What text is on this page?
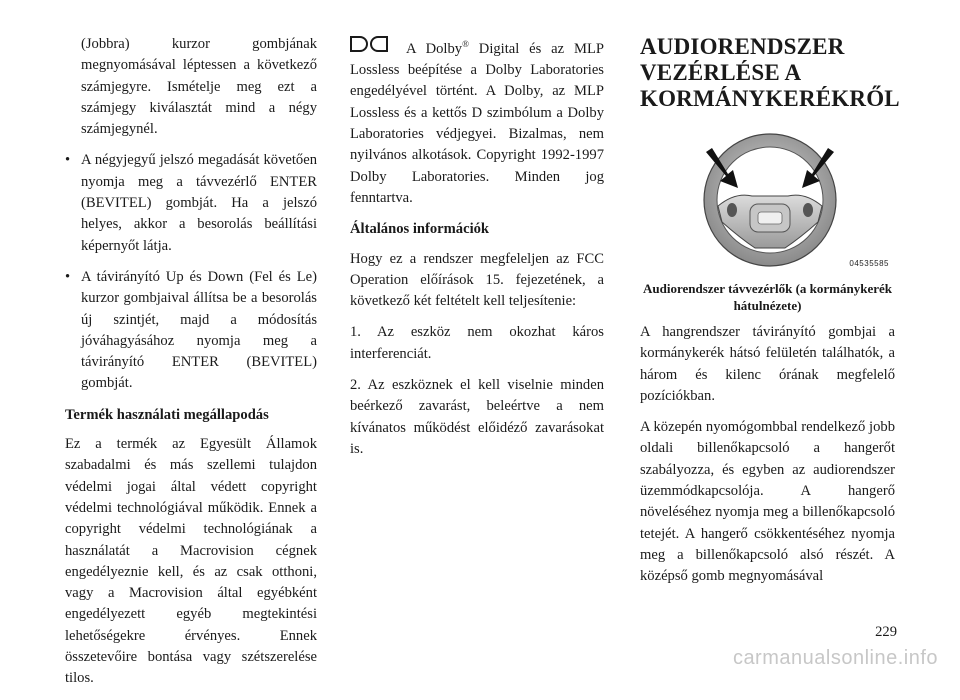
(Jobbra) kurzor gombjának megnyomásával léptessen a következő számjegyre. Ismételje meg ezt a számjegy kiválasztát mind a négy számjegynél.

• A négyjegyű jelszó megadását követően nyomja meg a távvezérlő ENTER (BEVITEL) gombját. Ha a jelszó helyes, akkor a besorolás beállítási képernyőt látja.
• A távirányító Up és Down (Fel és Le) kurzor gombjaival állítsa be a besorolás új szintjét, majd a módosítás jóváhagyásához nyomja meg a távirányító ENTER (BEVITEL) gombját.
Termék használati megállapodás

Ez a termék az Egyesült Államok szabadalmi és más szellemi tulajdon védelmi jogai által védett copyright védelmi technológiával működik. Ennek a copyright védelmi technológiának a használatát a Macrovision cégnek engedélyeznie kell, és az csak otthoni, vagy a Macrovision által egyébként engedélyezett egyéb megtekintési lehetőségekre érvényes. Ennek összetevőire bontása vagy szétszerelése tilos.

A Dolby® Digital és az MLP Lossless beépítése a Dolby Laboratories engedélyével történt. A Dolby, az MLP Lossless és a kettős D szimbólum a Dolby Laboratories védjegyei. Bizalmas, nem nyilvános alkotások. Copyright 1992-1997 Dolby Laboratories. Minden jog fenntartva.

Általános információk

Hogy ez a rendszer megfeleljen az FCC Operation előírások 15. fejezetének, a következő két feltételt kell teljesítenie:

1. Az eszköz nem okozhat káros interferenciát.

2. Az eszköznek el kell viselnie minden beérkező zavarást, beleértve a nem kívánatos működést előidéző zavarásokat is.

AUDIORENDSZER VEZÉRLÉSE A KORMÁNYKERÉKRŐL
04535585
Audiorendszer távvezérlők (a kormánykerék hátulnézete)

A hangrendszer távirányító gombjai a kormánykerék hátsó felületén találhatók, a három és kilenc órának megfelelő pozíciókban.

A közepén nyomógombbal rendelkező jobb oldali billenőkapcsoló a hangerőt szabályozza, és egyben az audiorendszer üzemmódkapcsolója. A hangerő növeléséhez nyomja meg a billenőkapcsoló tetejét. A hangerő csökkentéséhez nyomja meg a billenőkapcsoló alsó részét. A középső gomb megnyomásával

229
carmanualsonline.info
